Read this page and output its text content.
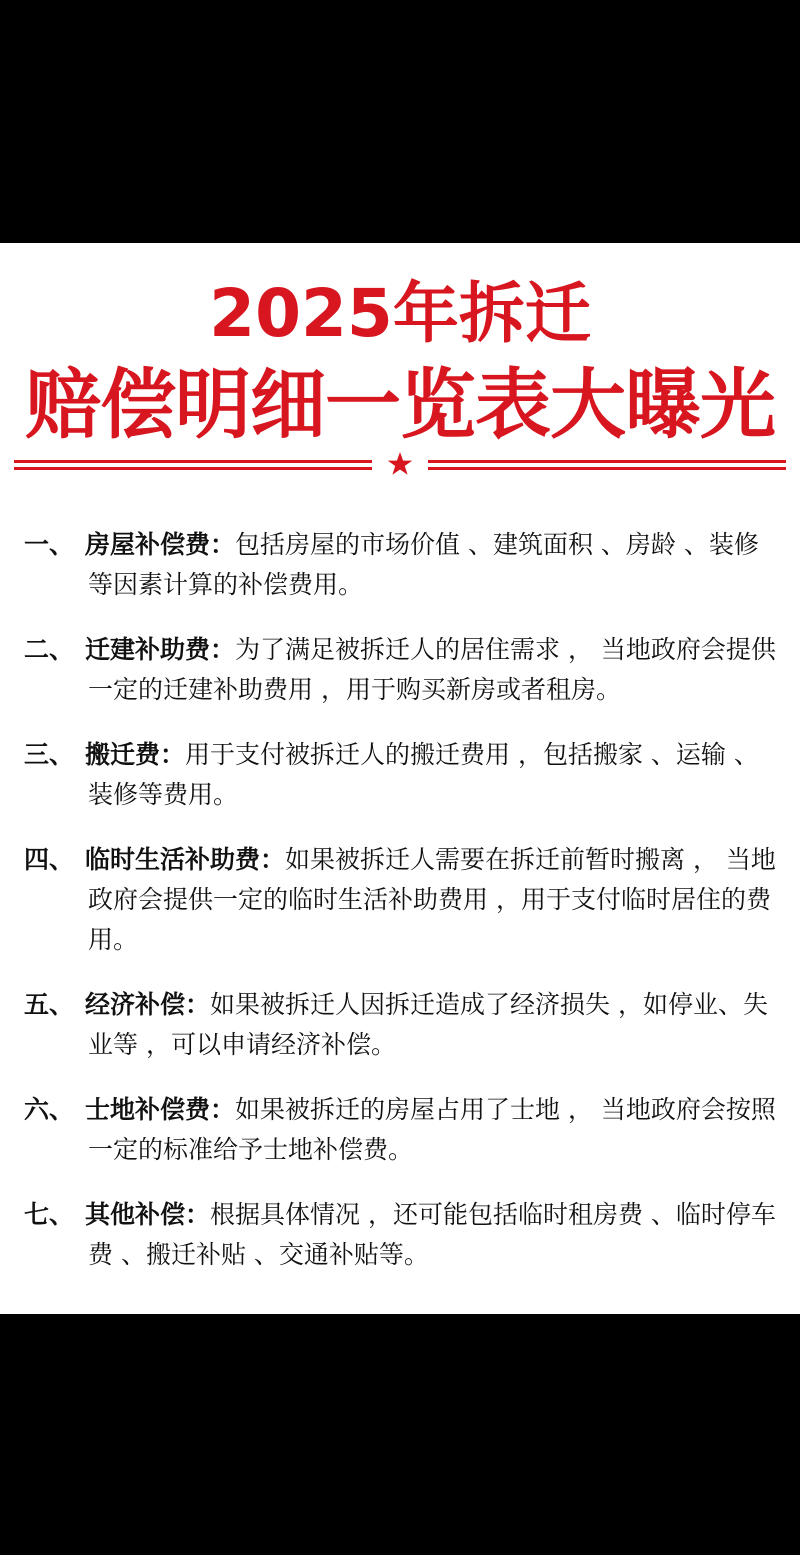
2025年拆迁
赔偿明细一览表大曝光
一、 房屋补偿费：包括房屋的市场价值 、建筑面积 、房龄 、装修等因素计算的补偿费用。
二、 迁建补助费：为了满足被拆迁人的居住需求 ， 当地政府会提供一定的迁建补助费用 ，用于购买新房或者租房。
三、 搬迁费：用于支付被拆迁人的搬迁费用 ，包括搬家 、运输 、装修等费用。
四、 临时生活补助费：如果被拆迁人需要在拆迁前暂时搬离 ， 当地政府会提供一定的临时生活补助费用 ，用于支付临时居住的费用。
五、 经济补偿：如果被拆迁人因拆迁造成了经济损失 ，如停业、失业等 ，可以申请经济补偿。
六、 士地补偿费：如果被拆迁的房屋占用了士地 ， 当地政府会按照一定的标准给予士地补偿费。
七、 其他补偿：根据具体情况 ，还可能包括临时租房费 、临时停车费 、搬迁补贴 、交通补贴等。
